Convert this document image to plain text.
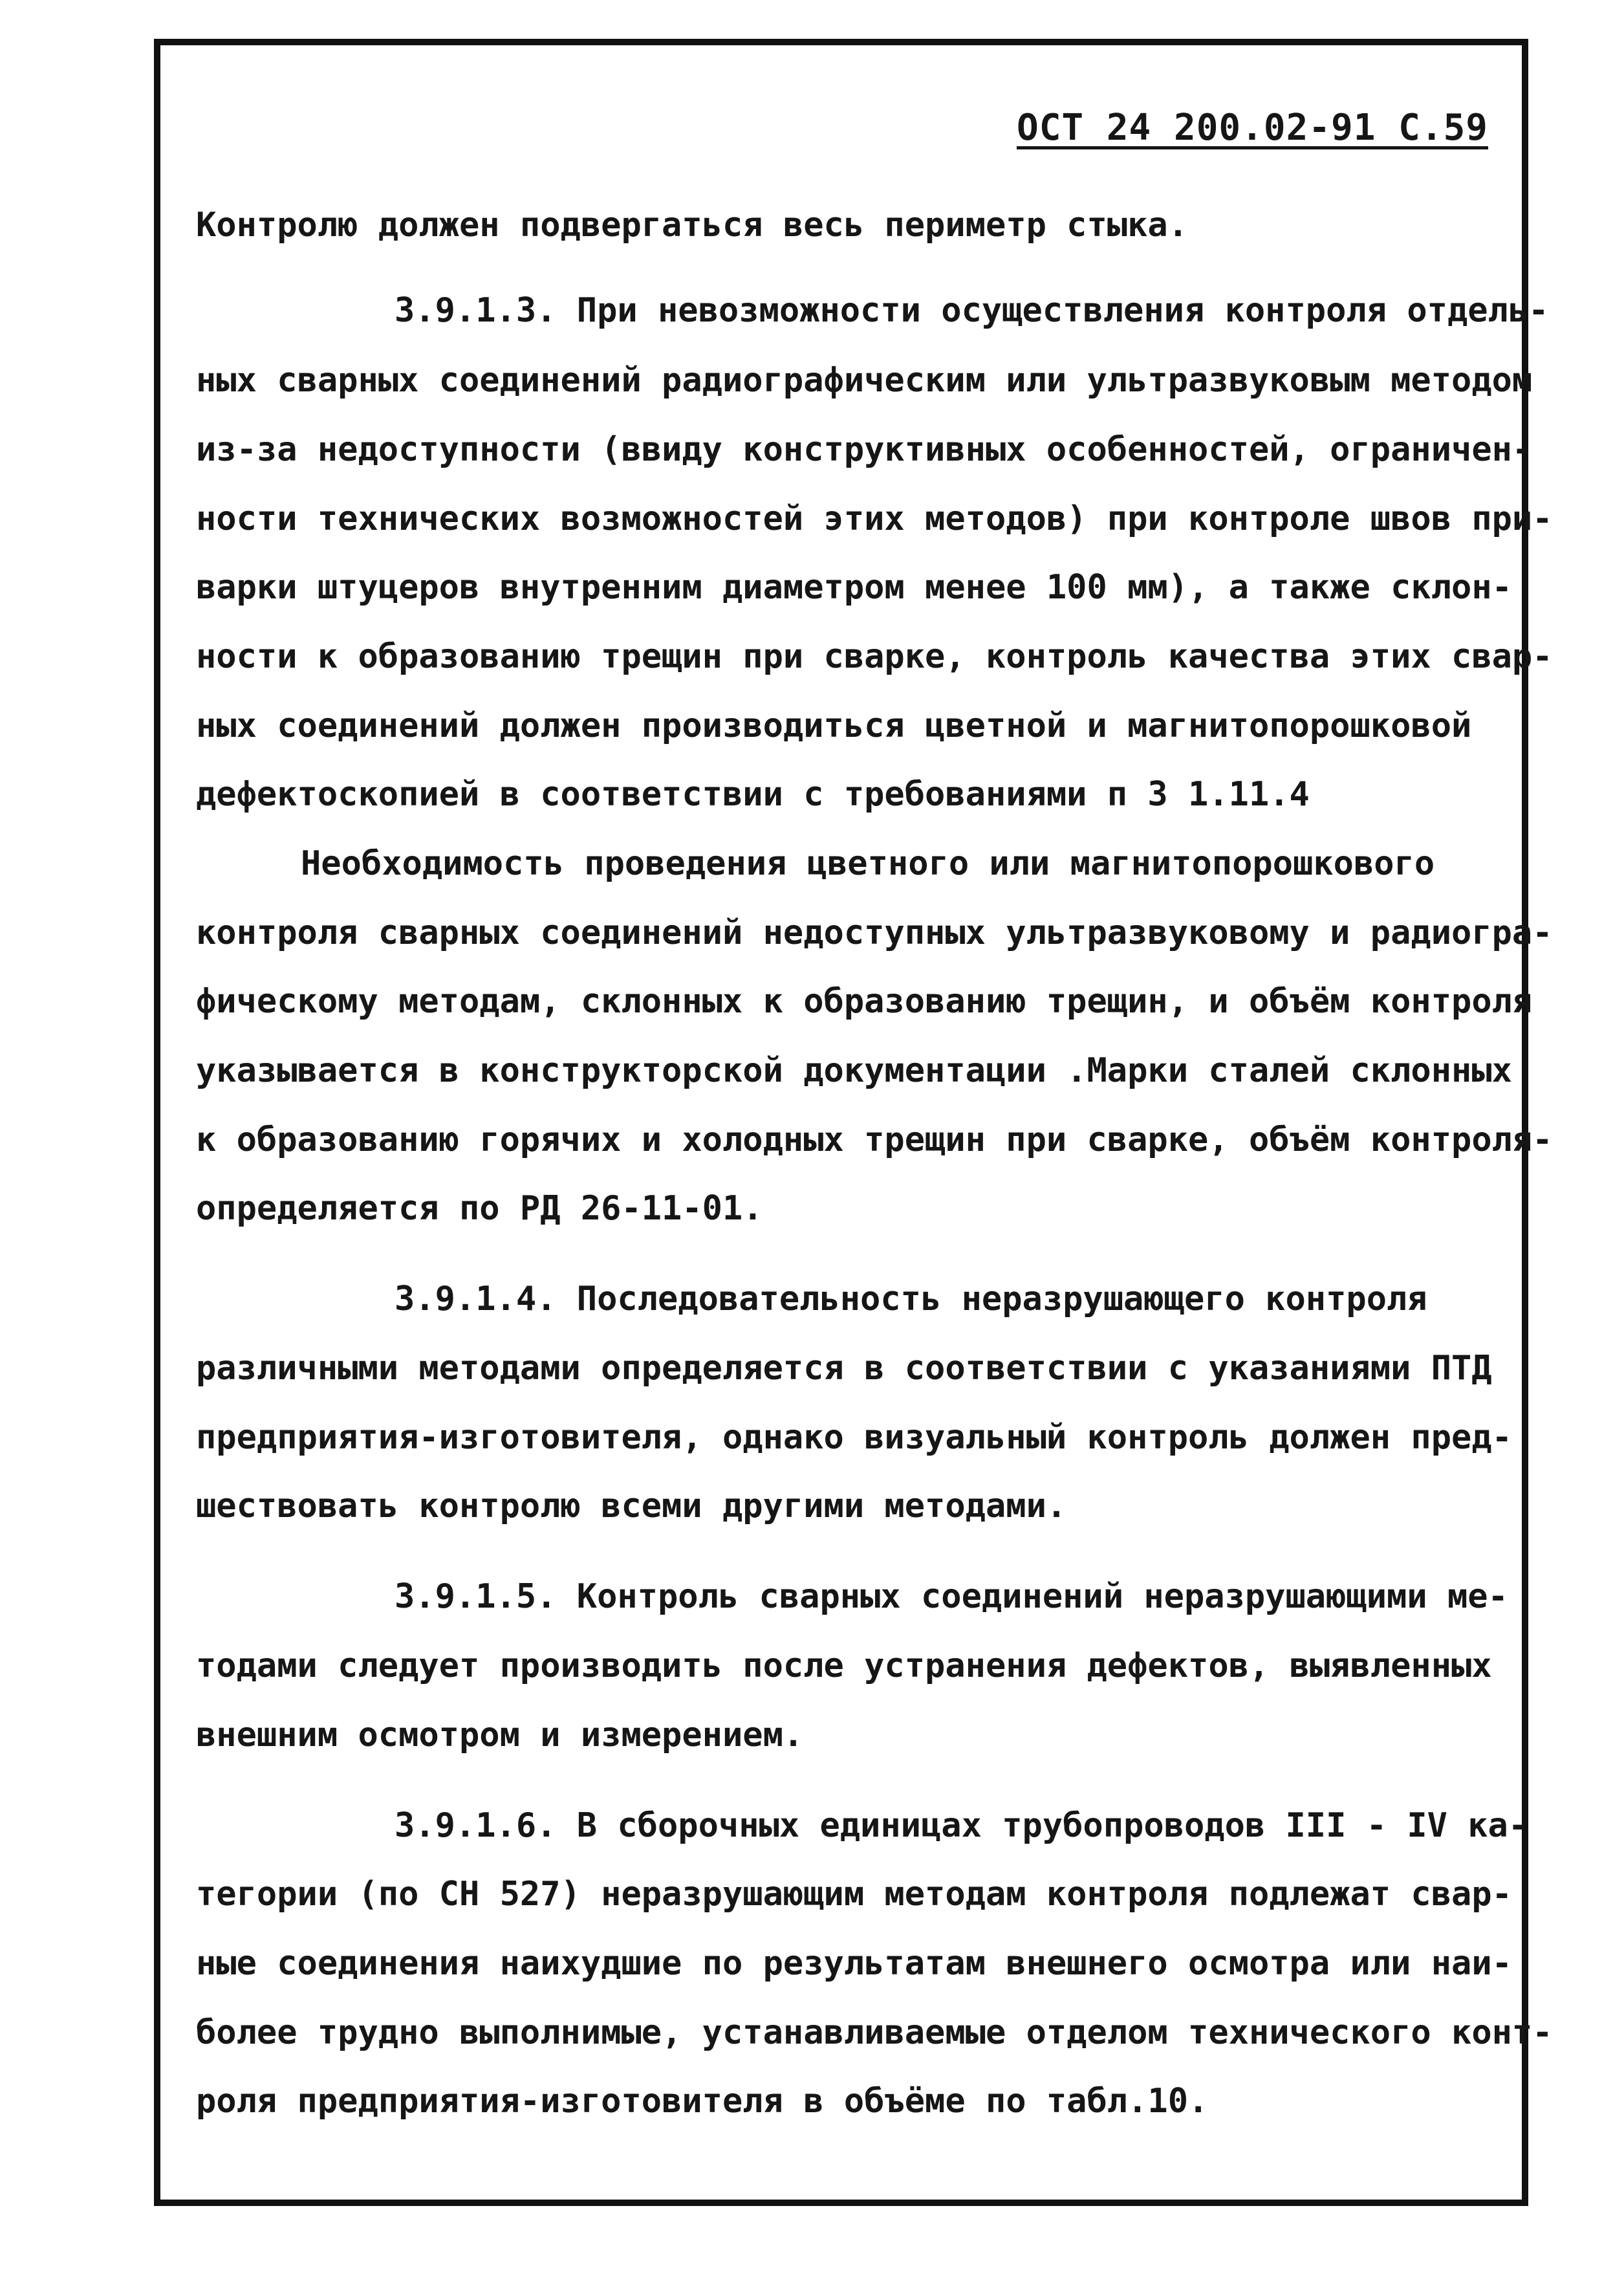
ОСТ 24 200.02-91 С.59
Контролю должен подвергаться весь периметр стыка.
3.9.1.3. При невозможности осуществления контроля отдель-
ных сварных соединений радиографическим или ультразвуковым методом
из-за недоступности (ввиду конструктивных особенностей, ограничен-
ности технических возможностей этих методов) при контроле швов при-
варки штуцеров внутренним диаметром менее 100 мм), а также склон-
ности к образованию трещин при сварке, контроль качества этих свар-
ных соединений должен производиться цветной и магнитопорошковой
дефектоскопией в соответствии с требованиями п 3 1.11.4
Необходимость проведения цветного или магнитопорошкового
контроля сварных соединений недоступных ультразвуковому и радиогра-
фическому методам, склонных к образованию трещин, и объём контроля
указывается в конструкторской документации .Марки сталей склонных
к образованию горячих и холодных трещин при сварке, объём контроля-
определяется по РД 26-11-01.
3.9.1.4. Последовательность неразрушающего контроля
различными методами определяется в соответствии с указаниями ПТД
предприятия-изготовителя, однако визуальный контроль должен пред-
шествовать контролю всеми другими методами.
3.9.1.5. Контроль сварных соединений неразрушающими ме-
тодами следует производить после устранения дефектов, выявленных
внешним осмотром и измерением.
3.9.1.6. В сборочных единицах трубопроводов III - IV ка-
тегории (по СН 527) неразрушающим методам контроля подлежат свар-
ные соединения наихудшие по результатам внешнего осмотра или наи-
более трудно выполнимые, устанавливаемые отделом технического конт-
роля предприятия-изготовителя в объёме по табл.10.
